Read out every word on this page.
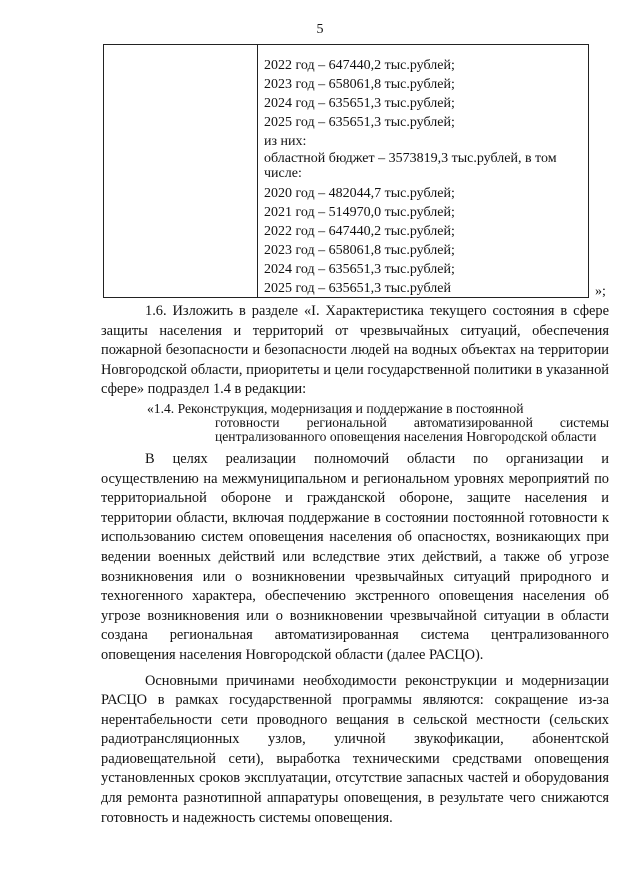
5
2022 год – 647440,2 тыс.рублей;
2023 год – 658061,8 тыс.рублей;
2024 год – 635651,3 тыс.рублей;
2025 год – 635651,3 тыс.рублей;
из них:
областной бюджет – 3573819,3 тыс.рублей, в том числе:
2020 год – 482044,7 тыс.рублей;
2021 год – 514970,0 тыс.рублей;
2022 год – 647440,2 тыс.рублей;
2023 год – 658061,8 тыс.рублей;
2024 год – 635651,3 тыс.рублей;
2025 год – 635651,3 тыс.рублей	»;

1.6. Изложить в разделе «I. Характеристика текущего состояния в сфере защиты населения и территорий от чрезвычайных ситуаций, обеспечения пожарной безопасности и безопасности людей на водных объектах на территории Новгородской области, приоритеты и цели государственной политики в указанной сфере» подраздел 1.4 в редакции:

«1.4. Реконструкция, модернизация и поддержание в постоянной
готовности региональной автоматизированной системы централизованного оповещения населения Новгородской области

В целях реализации полномочий области по организации и осуществлению на межмуниципальном и региональном уровнях мероприятий по территориальной обороне и гражданской обороне, защите населения и территории области, включая поддержание в состоянии постоянной готовности к использованию систем оповещения населения об опасностях, возникающих при ведении военных действий или вследствие этих действий, а также об угрозе возникновения или о возникновении чрезвычайных ситуаций природного и техногенного характера, обеспечению экстренного оповещения населения об угрозе возникновения или о возникновении чрезвычайной ситуации в области создана региональная автоматизированная система централизованного оповещения населения Новгородской области (далее РАСЦО).

Основными причинами необходимости реконструкции и модернизации РАСЦО в рамках государственной программы являются: сокращение из-за нерентабельности сети проводного вещания в сельской местности (сельских радиотрансляционных узлов, уличной звукофикации, абонентской радиовещательной сети), выработка техническими средствами оповещения установленных сроков эксплуатации, отсутствие запасных частей и оборудования для ремонта разнотипной аппаратуры оповещения, в результате чего снижаются готовность и надежность системы оповещения.
